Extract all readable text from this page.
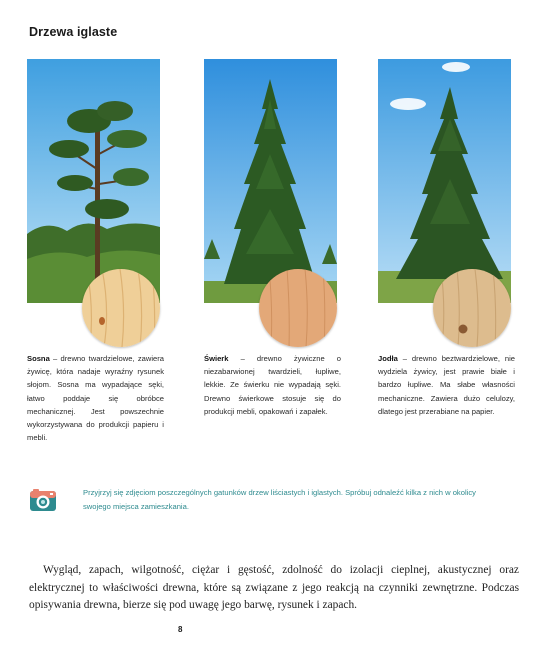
Drzewa iglaste
Sosna – drewno twardzielowe, zawiera żywicę, która nadaje wyraźny rysunek słojom. Sosna ma wypadające sęki, łatwo poddaje się obróbce mechanicznej. Jest powszechnie wykorzystywana do produkcji papieru i mebli.
Świerk – drewno żywiczne o niezabarwionej twardzieli, łupliwe, lekkie. Ze świerku nie wypadają sęki. Drewno świerkowe stosuje się do produkcji mebli, opakowań i zapałek.
Jodła – drewno beztwardzielowe, nie wydziela żywicy, jest prawie białe i bardzo łupliwe. Ma słabe własności mechaniczne. Zawiera dużo celulozy, dlatego jest przerabiane na papier.
Przyjrzyj się zdjęciom poszczególnych gatunków drzew liściastych i iglastych. Spróbuj odnaleźć kilka z nich w okolicy swojego miejsca zamieszkania.
Wygląd, zapach, wilgotność, ciężar i gęstość, zdolność do izolacji cieplnej, akustycznej oraz elektrycznej to właściwości drewna, które są związane z jego reakcją na czynniki zewnętrzne. Podczas opisywania drewna, bierze się pod uwagę jego barwę, rysunek i zapach.
8
